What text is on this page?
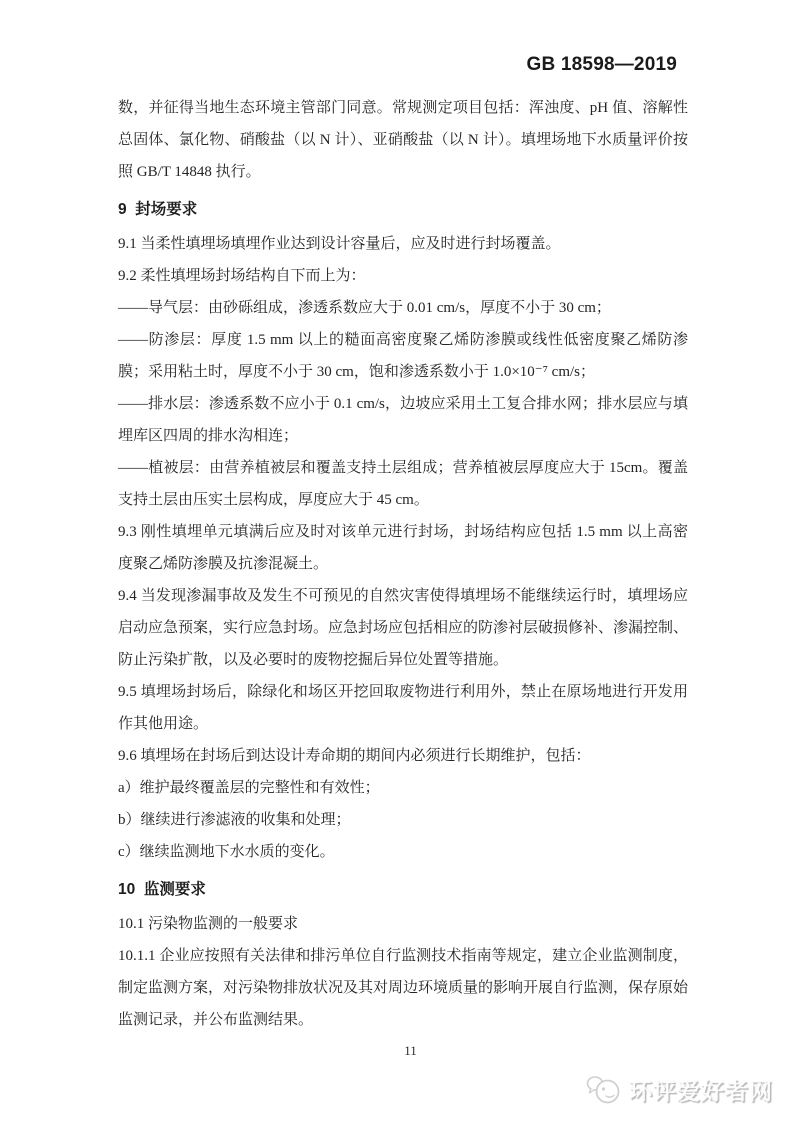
GB 18598—2019

数，并征得当地生态环境主管部门同意。常规测定项目包括：浑浊度、pH 值、溶解性总固体、氯化物、硝酸盐（以 N 计）、亚硝酸盐（以 N 计）。填埋场地下水质量评价按照 GB/T 14848 执行。

9  封场要求

9.1 当柔性填埋场填埋作业达到设计容量后，应及时进行封场覆盖。

9.2 柔性填埋场封场结构自下而上为：

——导气层：由砂砾组成，渗透系数应大于 0.01 cm/s，厚度不小于 30 cm；

——防渗层：厚度 1.5 mm 以上的糙面高密度聚乙烯防渗膜或线性低密度聚乙烯防渗膜；采用粘土时，厚度不小于 30 cm，饱和渗透系数小于 1.0×10⁻⁷ cm/s；

——排水层：渗透系数不应小于 0.1 cm/s，边坡应采用土工复合排水网；排水层应与填埋库区四周的排水沟相连；

——植被层：由营养植被层和覆盖支持土层组成；营养植被层厚度应大于 15cm。覆盖支持土层由压实土层构成，厚度应大于 45 cm。

9.3 刚性填埋单元填满后应及时对该单元进行封场，封场结构应包括 1.5 mm 以上高密度聚乙烯防渗膜及抗渗混凝土。

9.4 当发现渗漏事故及发生不可预见的自然灾害使得填埋场不能继续运行时，填埋场应启动应急预案，实行应急封场。应急封场应包括相应的防渗衬层破损修补、渗漏控制、防止污染扩散，以及必要时的废物挖掘后异位处置等措施。

9.5 填埋场封场后，除绿化和场区开挖回取废物进行利用外，禁止在原场地进行开发用作其他用途。

9.6 填埋场在封场后到达设计寿命期的期间内必须进行长期维护，包括：

a）维护最终覆盖层的完整性和有效性；

b）继续进行渗滤液的收集和处理；

c）继续监测地下水水质的变化。

10  监测要求

10.1 污染物监测的一般要求

10.1.1 企业应按照有关法律和排污单位自行监测技术指南等规定，建立企业监测制度，制定监测方案，对污染物排放状况及其对周边环境质量的影响开展自行监测，保存原始监测记录，并公布监测结果。

11
环评爱好者网
